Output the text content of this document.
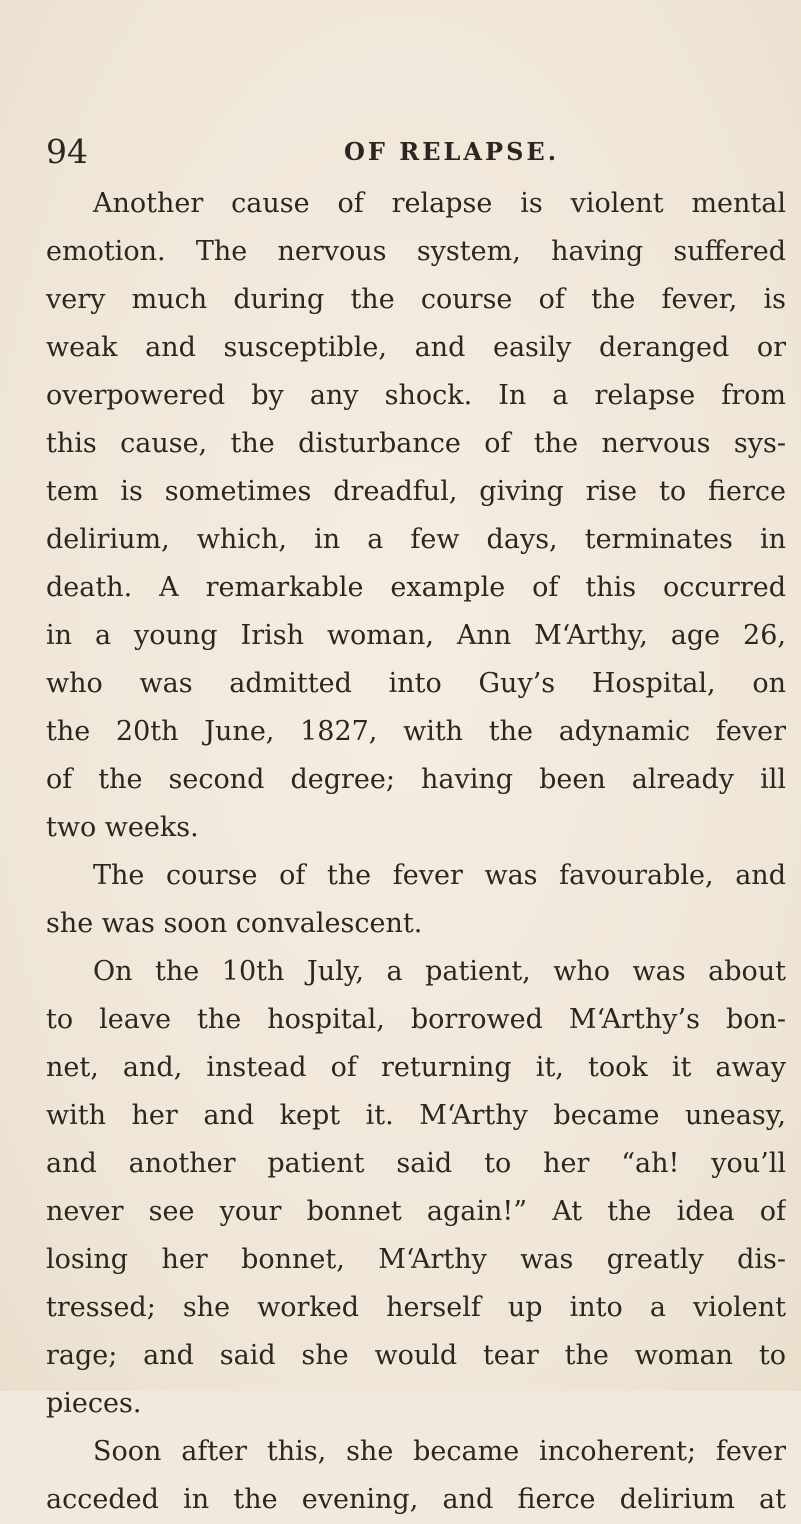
94	OF RELAPSE.
Another cause of relapse is violent mental
emotion. The nervous system, having suffered
very much during the course of the fever, is
weak and susceptible, and easily deranged or
overpowered by any shock. In a relapse from
this cause, the disturbance of the nervous sys-
tem is sometimes dreadful, giving rise to fierce
delirium, which, in a few days, terminates in
death. A remarkable example of this occurred
in a young Irish woman, Ann M‘Arthy, age 26,
who was admitted into Guy’s Hospital, on
the 20th June, 1827, with the adynamic fever
of the second degree; having been already ill
two weeks.
The course of the fever was favourable, and
she was soon convalescent.
On the 10th July, a patient, who was about
to leave the hospital, borrowed M‘Arthy’s bon-
net, and, instead of returning it, took it away
with her and kept it. M‘Arthy became uneasy,
and another patient said to her “ah! you’ll
never see your bonnet again!” At the idea of
losing her bonnet, M‘Arthy was greatly dis-
tressed; she worked herself up into a violent
rage; and said she would tear the woman to
pieces.
Soon after this, she became incoherent; fever
acceded in the evening, and fierce delirium at
